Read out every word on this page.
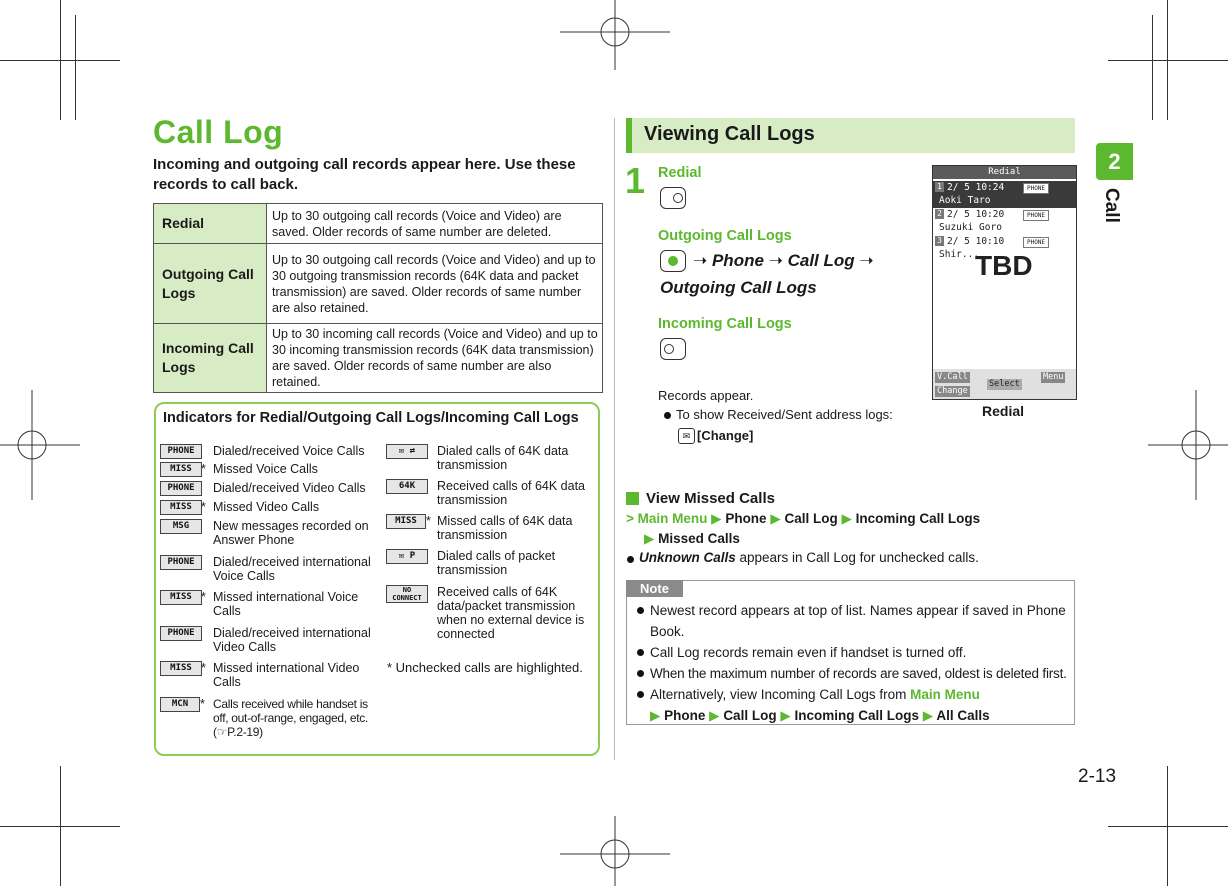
Call Log
Incoming and outgoing call records appear here. Use these records to call back.
Redial	Up to 30 outgoing call records (Voice and Video) are saved. Older records of same number are deleted.
Outgoing Call Logs	Up to 30 outgoing call records (Voice and Video) and up to 30 outgoing transmission records (64K data and packet transmission) are saved. Older records of same number are also retained.
Incoming Call Logs	Up to 30 incoming call records (Voice and Video) and up to 30 incoming transmission records (64K data transmission) are saved. Older records of same number are also retained.
Indicators for Redial/Outgoing Call Logs/Incoming Call Logs
PHONE	Dialed/received Voice Calls
MISS * Missed Voice Calls
PHONE	Dialed/received Video Calls
MISS * Missed Video Calls
MSG	New messages recorded on Answer Phone
PHONE	Dialed/received international Voice Calls
MISS * Missed international Voice Calls
PHONE	Dialed/received international Video Calls
MISS * Missed international Video Calls
MCN * Calls received while handset is off, out-of-range, engaged, etc. (☞P.2-19)
✉ ⇄	Dialed calls of 64K data transmission
64K	Received calls of 64K data transmission
MISS * Missed calls of 64K data transmission
✉ P	Dialed calls of packet transmission
NO CONNECT	Received calls of 64K data/packet transmission when no external device is connected
* Unchecked calls are highlighted.
Viewing Call Logs
1 Redial
Outgoing Call Logs
➝ Phone ➝ Call Log ➝
Outgoing Call Logs
Incoming Call Logs
Records appear.
To show Received/Sent address logs:
✉ [Change]
Redial
1 2/ 5 10:24	PHONE
Aoki Taro
2 2/ 5 10:20	PHONE
Suzuki Goro
3 2/ 5 10:10	PHONE
Shir...
TBD
V.Call
Change
Select
Menu
Redial
View Missed Calls
> Main Menu ▶ Phone ▶ Call Log ▶ Incoming Call Logs
▶ Missed Calls
Unknown Calls appears in Call Log for unchecked calls.
Note
Newest record appears at top of list. Names appear if saved in Phone Book.
Call Log records remain even if handset is turned off.
When the maximum number of records are saved, oldest is deleted first.
Alternatively, view Incoming Call Logs from Main Menu
▶ Phone ▶ Call Log ▶ Incoming Call Logs ▶ All Calls
2
Call
2-13
